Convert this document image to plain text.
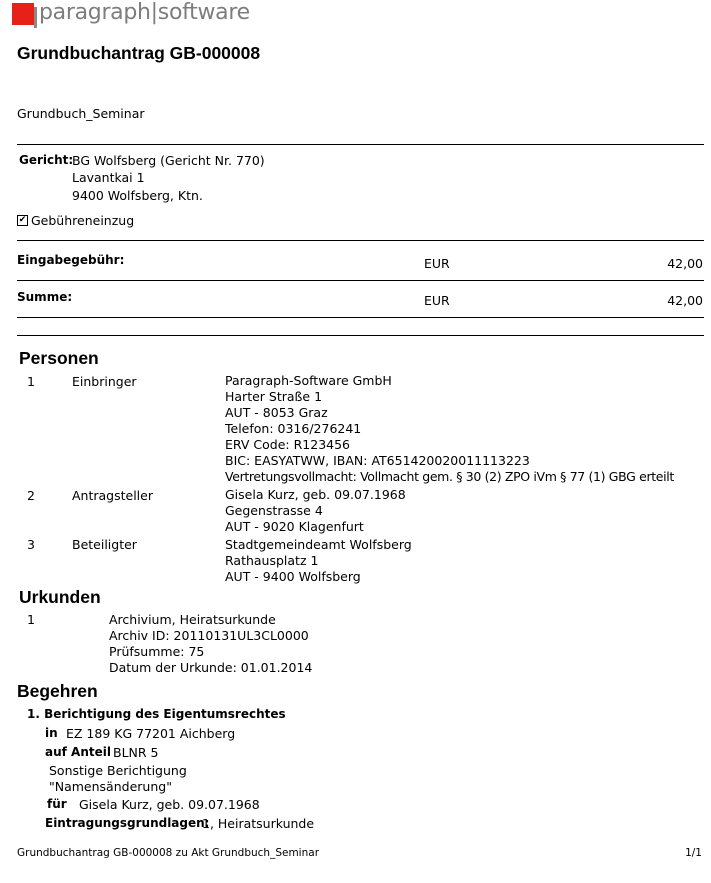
paragraph|software
Grundbuchantrag GB-000008
Grundbuch_Seminar
Gericht:
BG Wolfsberg (Gericht Nr. 770)
Lavantkai 1
9400 Wolfsberg, Ktn.
✔ Gebühreneinzug
Eingabegebühr:	EUR	42,00
Summe:	EUR	42,00
Personen
1	Einbringer	Paragraph-Software GmbH
Harter Straße 1
AUT - 8053 Graz
Telefon: 0316/276241
ERV Code: R123456
BIC: EASYATWW, IBAN: AT651420020011113223
Vertretungsvollmacht: Vollmacht gem. § 30 (2) ZPO iVm § 77 (1) GBG erteilt
2	Antragsteller	Gisela Kurz, geb. 09.07.1968
Gegenstrasse 4
AUT - 9020 Klagenfurt
3	Beteiligter	Stadtgemeindeamt Wolfsberg
Rathausplatz 1
AUT - 9400 Wolfsberg
Urkunden
1	Archivium, Heiratsurkunde
Archiv ID: 20110131UL3CL0000
Prüfsumme: 75
Datum der Urkunde: 01.01.2014
Begehren
1. Berichtigung des Eigentumsrechtes
in EZ 189 KG 77201 Aichberg
auf Anteil BLNR 5
Sonstige Berichtigung
"Namensänderung"
für Gisela Kurz, geb. 09.07.1968
Eintragungsgrundlagen:
1, Heiratsurkunde
Grundbuchantrag GB-000008 zu Akt Grundbuch_Seminar	1/1
